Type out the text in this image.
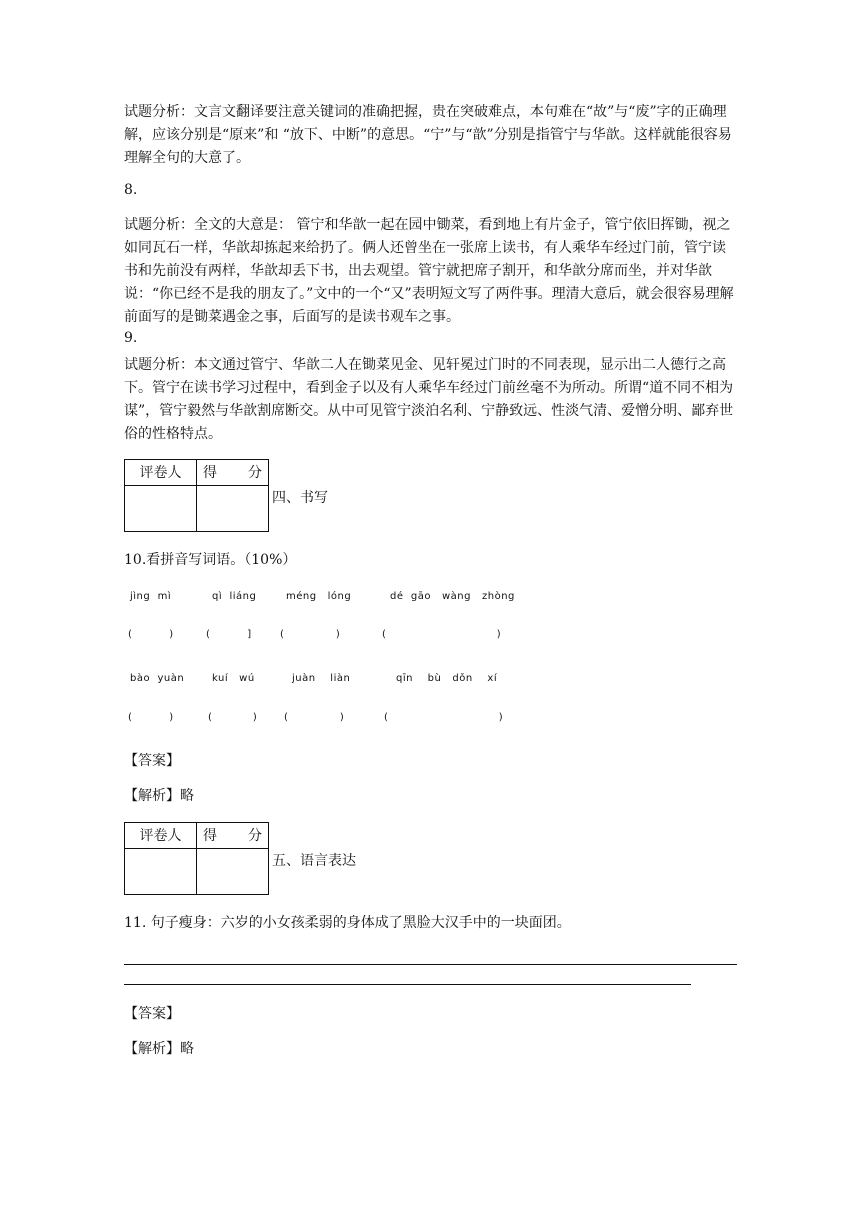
试题分析：文言文翻译要注意关键词的准确把握，贵在突破难点，本句难在“故”与“废”字的正确理解，应该分别是“原来”和 “放下、中断”的意思。“宁”与“歆”分别是指管宁与华歆。这样就能很容易理解全句的大意了。

8.

试题分析：全文的大意是： 管宁和华歆一起在园中锄菜，看到地上有片金子，管宁依旧挥锄，视之如同瓦石一样，华歆却拣起来给扔了。俩人还曾坐在一张席上读书，有人乘华车经过门前，管宁读书和先前没有两样，华歆却丢下书，出去观望。管宁就把席子割开，和华歆分席而坐，并对华歆说：“你已经不是我的朋友了。”文中的一个“又”表明短文写了两件事。理清大意后，就会很容易理解前面写的是锄菜遇金之事，后面写的是读书观车之事。

9.

试题分析：本文通过管宁、华歆二人在锄菜见金、见轩冕过门时的不同表现，显示出二人德行之高下。管宁在读书学习过程中，看到金子以及有人乘华车经过门前丝毫不为所动。所谓“道不同不相为谋”，管宁毅然与华歆割席断交。从中可见管宁淡泊名利、宁静致远、性淡气清、爱憎分明、鄙弃世俗的性格特点。

评卷人	得 分

四、书写
10.看拼音写词语。（10%）
jìng  mì	qì  liáng	méng   lóng	dé  gāo   wàng   zhòng
(          )	(          ]	(              )	(                              )
bào  yuàn	kuí   wú	juàn    liàn	qīn    bù   dǒn    xí
(          )	(           )	(              )	(                              )
【答案】
【解析】略
评卷人	得 分

五、语言表达
11. 句子瘦身：六岁的小女孩柔弱的身体成了黑脸大汉手中的一块面团。
【答案】
【解析】略
